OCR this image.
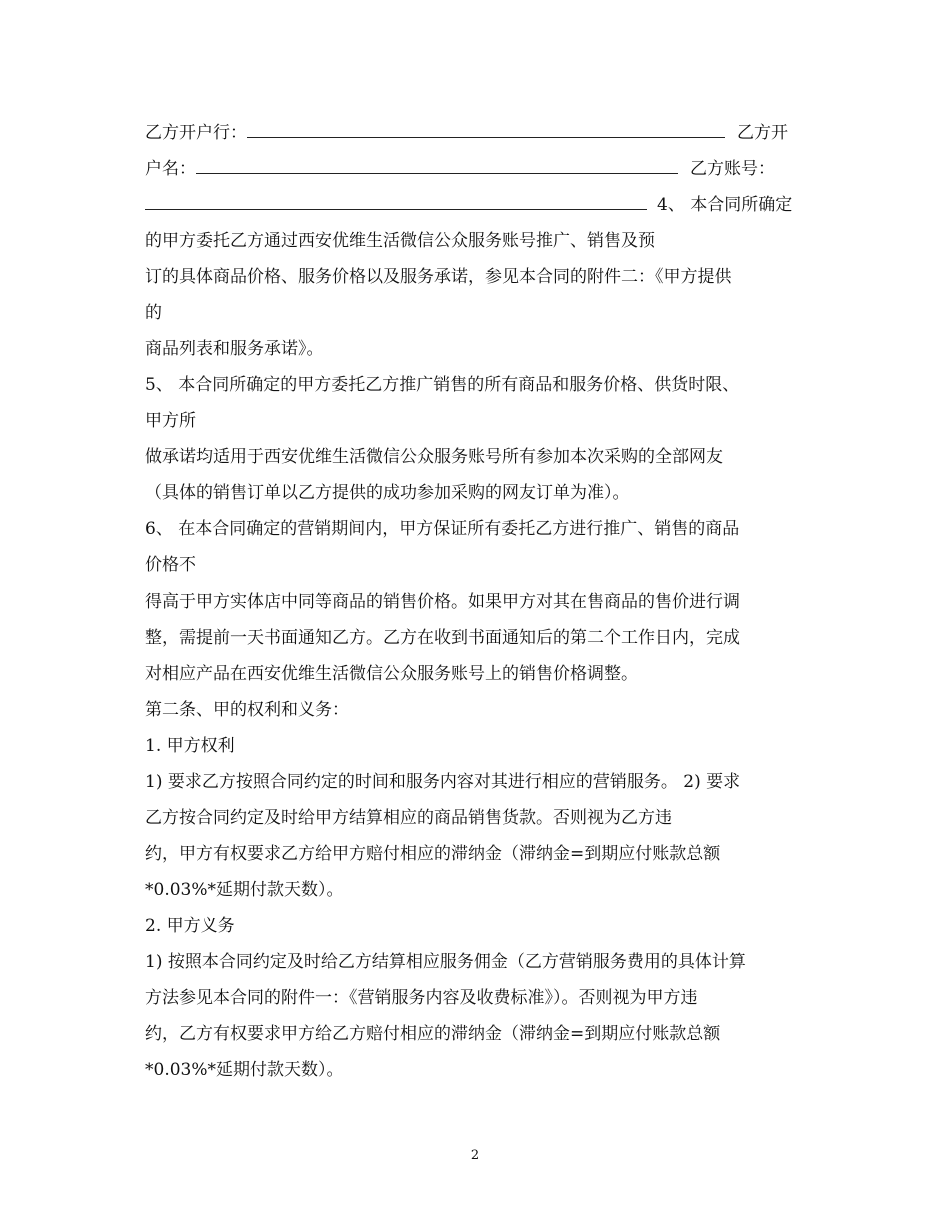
乙方开户行：	乙方开
户名：	乙方账号：
4、 本合同所确定
的甲方委托乙方通过西安优维生活微信公众服务账号推广、销售及预
订的具体商品价格、服务价格以及服务承诺，参见本合同的附件二：《甲方提供
的
商品列表和服务承诺》。
5、 本合同所确定的甲方委托乙方推广销售的所有商品和服务价格、供货时限、
甲方所
做承诺均适用于西安优维生活微信公众服务账号所有参加本次采购的全部网友
（具体的销售订单以乙方提供的成功参加采购的网友订单为准）。
6、 在本合同确定的营销期间内，甲方保证所有委托乙方进行推广、销售的商品
价格不
得高于甲方实体店中同等商品的销售价格。如果甲方对其在售商品的售价进行调
整，需提前一天书面通知乙方。乙方在收到书面通知后的第二个工作日内，完成
对相应产品在西安优维生活微信公众服务账号上的销售价格调整。
第二条、甲的权利和义务：
1. 甲方权利
1) 要求乙方按照合同约定的时间和服务内容对其进行相应的营销服务。 2) 要求
乙方按合同约定及时给甲方结算相应的商品销售货款。否则视为乙方违
约，甲方有权要求乙方给甲方赔付相应的滞纳金（滞纳金=到期应付账款总额
*0.03%*延期付款天数）。
2. 甲方义务
1) 按照本合同约定及时给乙方结算相应服务佣金（乙方营销服务费用的具体计算
方法参见本合同的附件一：《营销服务内容及收费标准》）。否则视为甲方违
约，乙方有权要求甲方给乙方赔付相应的滞纳金（滞纳金=到期应付账款总额
*0.03%*延期付款天数）。
2
